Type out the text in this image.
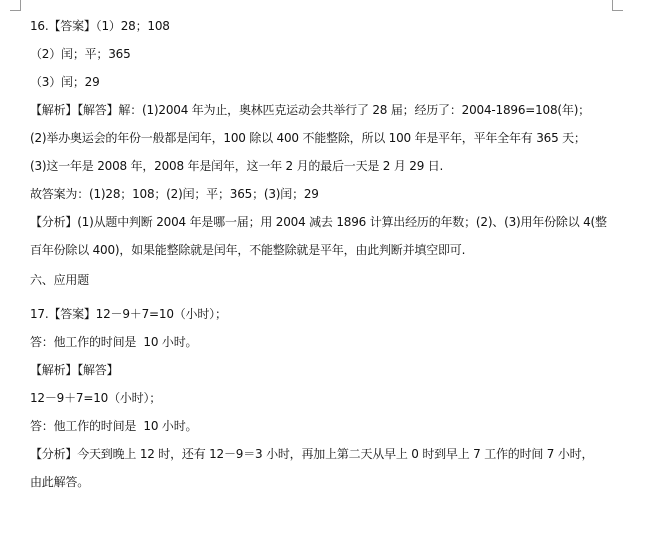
16.【答案】（1）28；108
（2）闰；平；365
（3）闰；29
【解析】【解答】解：(1)2004 年为止，奥林匹克运动会共举行了 28 届；经历了：2004-1896=108(年)；
(2)举办奥运会的年份一般都是闰年，100 除以 400 不能整除，所以 100 年是平年，平年全年有 365 天；
(3)这一年是 2008 年，2008 年是闰年，这一年 2 月的最后一天是 2 月 29 日.
故答案为：(1)28；108；(2)闰；平；365；(3)闰；29
【分析】(1)从题中判断 2004 年是哪一届；用 2004 减去 1896 计算出经历的年数；(2)、(3)用年份除以 4(整
百年份除以 400)，如果能整除就是闰年，不能整除就是平年，由此判断并填空即可.
六、应用题
17.【答案】12－9＋7=10（小时）；
答：他工作的时间是  10 小时。
【解析】【解答】
12－9＋7=10（小时）；
答：他工作的时间是  10 小时。
【分析】今天到晚上 12 时，还有 12－9＝3 小时，再加上第二天从早上 0 时到早上 7 工作的时间 7 小时，
由此解答。
